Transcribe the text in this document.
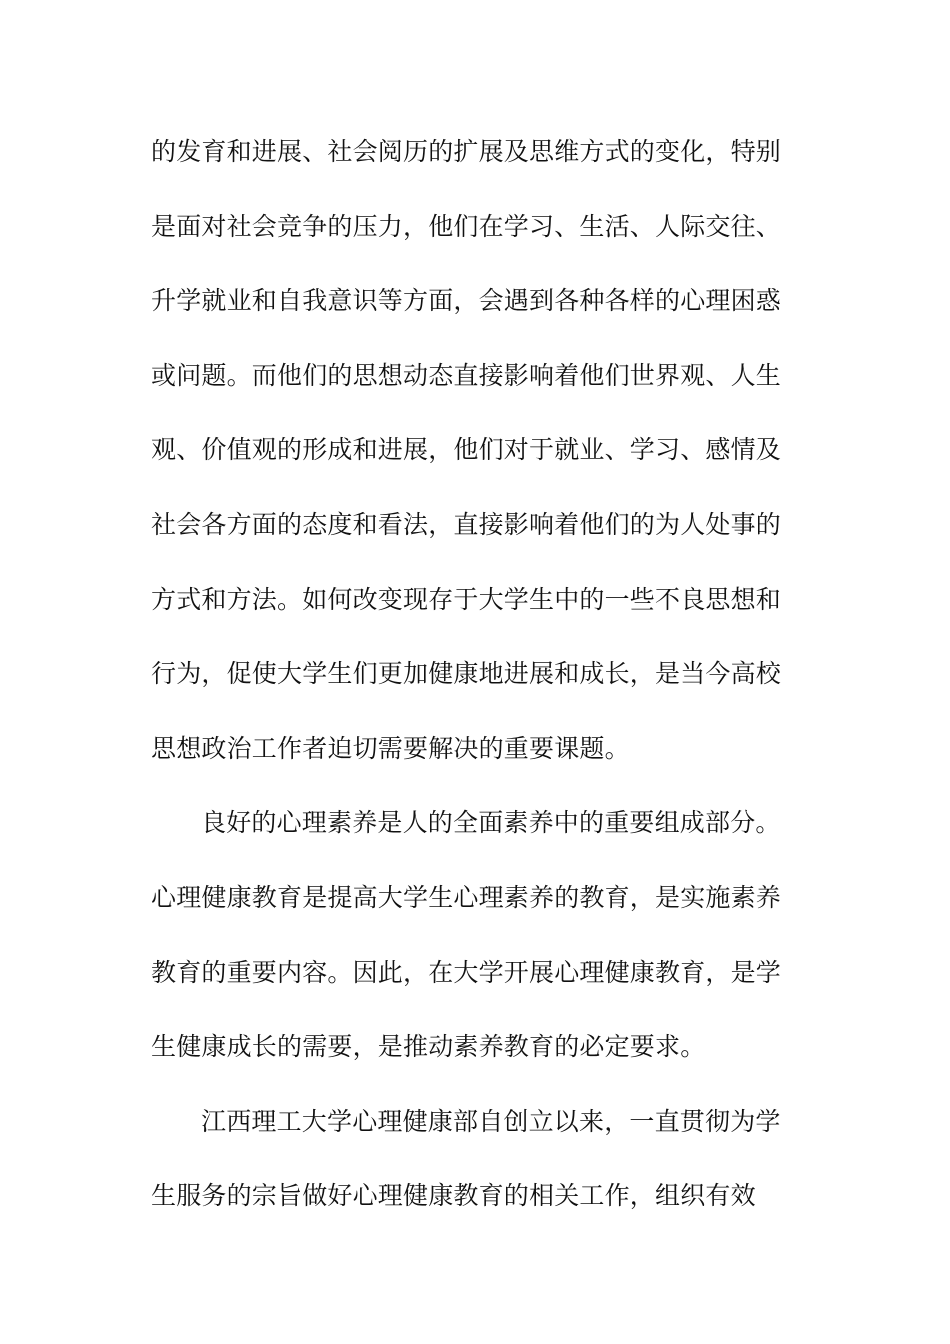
的发育和进展、社会阅历的扩展及思维方式的变化，特别
是面对社会竞争的压力，他们在学习、生活、人际交往、
升学就业和自我意识等方面，会遇到各种各样的心理困惑
或问题。而他们的思想动态直接影响着他们世界观、人生
观、价值观的形成和进展，他们对于就业、学习、感情及
社会各方面的态度和看法，直接影响着他们的为人处事的
方式和方法。如何改变现存于大学生中的一些不良思想和
行为，促使大学生们更加健康地进展和成长，是当今高校
思想政治工作者迫切需要解决的重要课题。
良好的心理素养是人的全面素养中的重要组成部分。
心理健康教育是提高大学生心理素养的教育，是实施素养
教育的重要内容。因此，在大学开展心理健康教育，是学
生健康成长的需要，是推动素养教育的必定要求。
江西理工大学心理健康部自创立以来，一直贯彻为学
生服务的宗旨做好心理健康教育的相关工作，组织有效
